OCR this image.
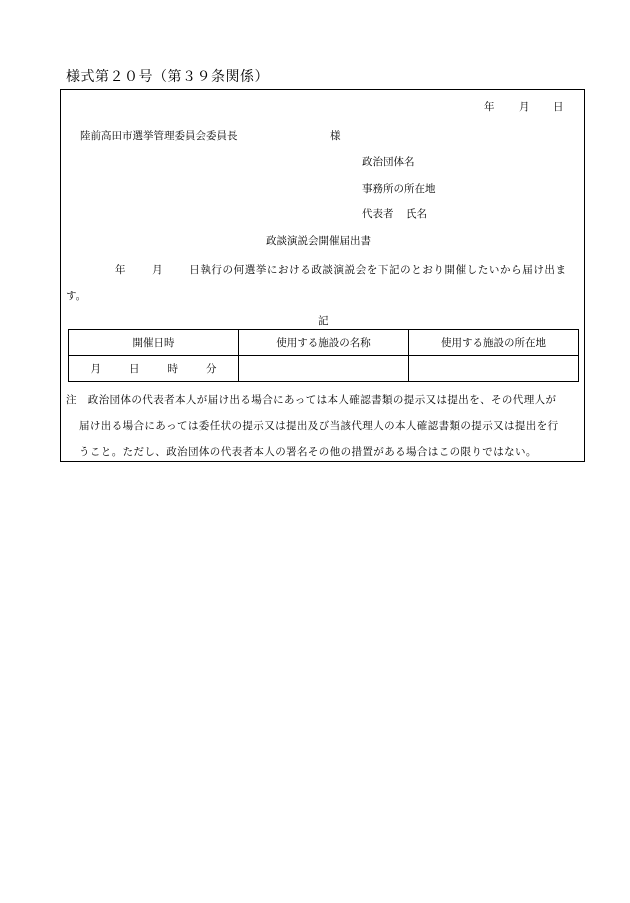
様式第２０号（第３９条関係）
年 月 日
陸前高田市選挙管理委員会委員長	様
政治団体名
事務所の所在地
代表者 氏名
政談演説会開催届出書
年 月 日執行の何選挙における政談演説会を下記のとおり開催したいから届け出ま
す。
記
開催日時	使用する施設の名称	使用する施設の所在地
月 日 時 分		
注　政治団体の代表者本人が届け出る場合にあっては本人確認書類の提示又は提出を、その代理人が
届け出る場合にあっては委任状の提示又は提出及び当該代理人の本人確認書類の提示又は提出を行
うこと。ただし、政治団体の代表者本人の署名その他の措置がある場合はこの限りではない。
